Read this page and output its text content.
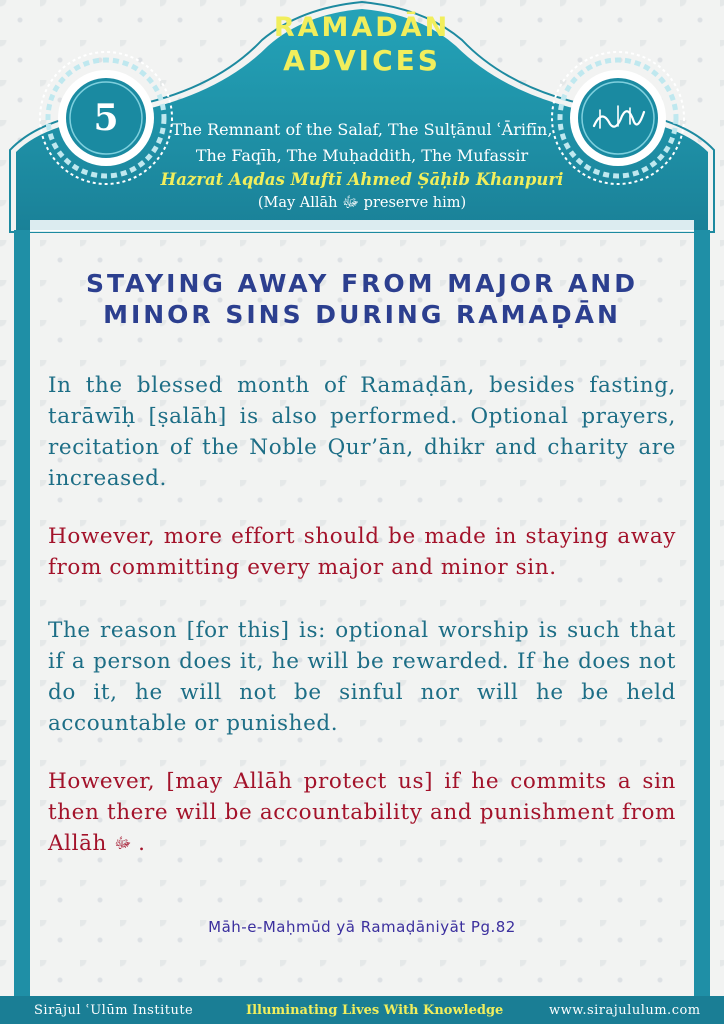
5
RAMADĀN
ADVICES
The Remnant of the Salaf, The Sulṭānul ʿĀrifīn,
The Faqīh, The Muḥaddith, The Mufassir
Hazrat Aqdas Muftī Ahmed Ṣāḥib Khanpuri
(May Allāh ﷻ preserve him)
STAYING AWAY FROM MAJOR AND MINOR SINS DURING RAMAḌĀN
In the blessed month of Ramaḍān, besides fasting, tarāwīḥ [ṣalāh] is also performed. Optional prayers, recitation of the Noble Qur’ān, dhikr and charity are increased.
However, more effort should be made in staying away from committing every major and minor sin.
The reason [for this] is: optional worship is such that if a person does it, he will be rewarded. If he does not do it, he will not be sinful nor will he be held accountable or punished.
However, [may Allāh protect us] if he commits a sin then there will be accountability and punishment from Allāh ﷻ .
Māh-e-Maḥmūd yā Ramaḍāniyāt Pg.82
Sirājul ʿUlūm Institute	Illuminating Lives With Knowledge	www.sirajululum.com
